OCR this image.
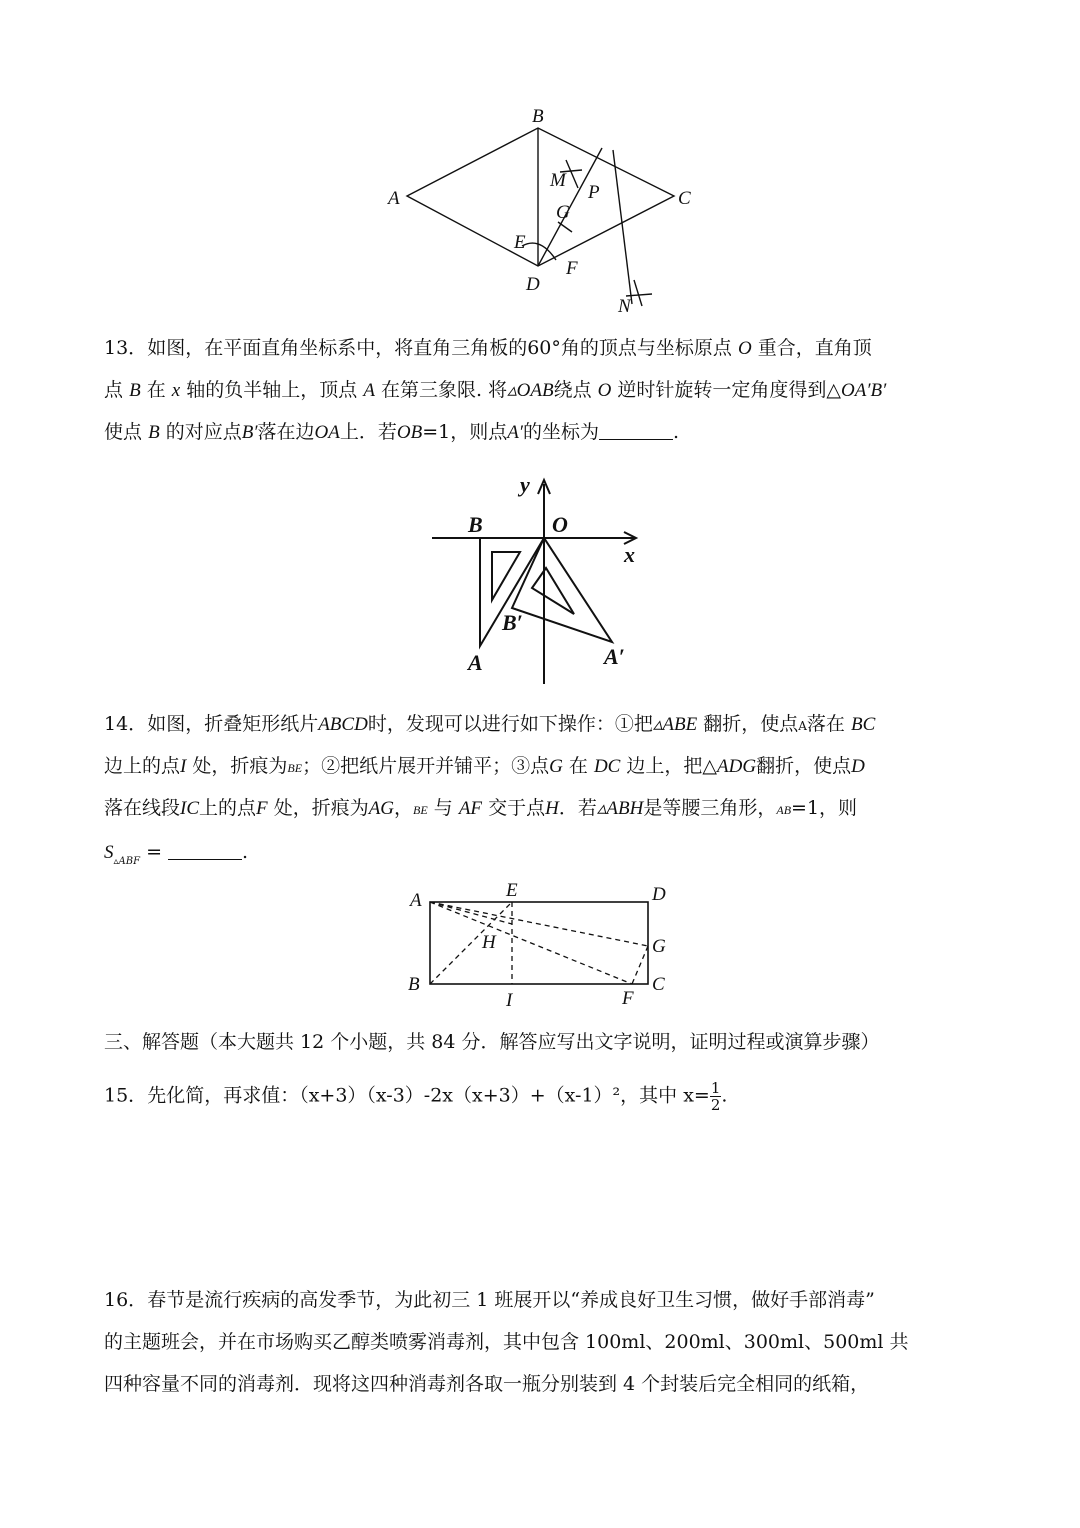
A
B
C
D
E
F
G
M
P
N
13．如图，在平面直角坐标系中，将直角三角板的60°角的顶点与坐标原点 O 重合，直角顶
点 B 在 x 轴的负半轴上，顶点 A 在第三象限. 将▵OAB绕点 O 逆时针旋转一定角度得到△OA′B′
使点 B 的对应点B′落在边OA上．若OB=1，则点A′的坐标为	.
y
x
O
B
A
B′
A′
14．如图，折叠矩形纸片ABCD时，发现可以进行如下操作：①把▵ABE 翻折，使点A落在 BC
边上的点I 处，折痕为BE；②把纸片展开并铺平；③点G 在 DC 边上，把△ADG翻折，使点D
落在线段IC上的点F 处，折痕为AG，BE 与 AF 交于点H．若▵ABH是等腰三角形，AB=1，则
$S_{▵ABF}$ =	.
A
B	C
D
E
F
G
H
I
三、解答题（本大题共 12 个小题，共 84 分．解答应写出文字说明，证明过程或演算步骤）
15．先化简，再求值：（x+3）（x-3）-2x（x+3）+（x-1）²，其中 $x= \frac{1}{2}$ .
16．春节是流行疾病的高发季节，为此初三 1 班展开以“养成良好卫生习惯，做好手部消毒”
的主题班会，并在市场购买乙醇类喷雾消毒剂，其中包含 100ml、200ml、300ml、500ml 共
四种容量不同的消毒剂．现将这四种消毒剂各取一瓶分别装到 4 个封装后完全相同的纸箱，
